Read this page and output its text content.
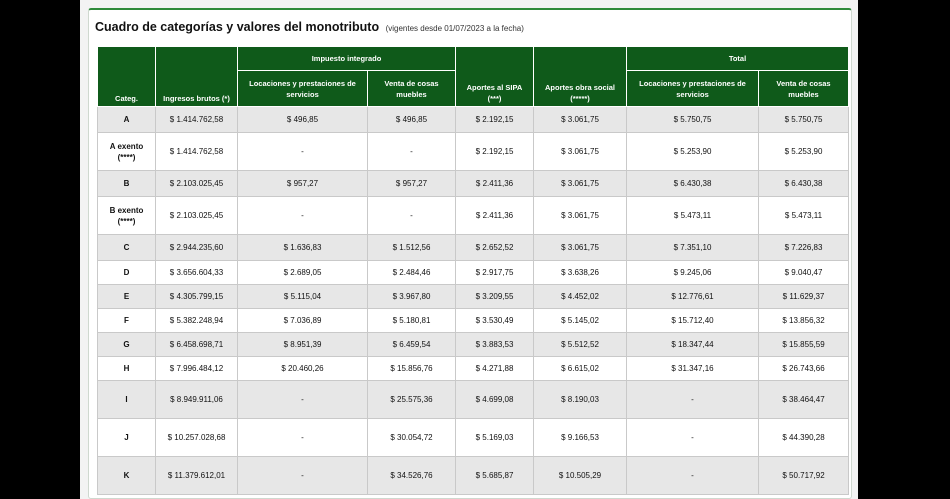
Cuadro de categorías y valores del monotributo (vigentes desde 01/07/2023 a la fecha)
Categ.	Ingresos brutos (*)	Impuesto integrado		Aportes al SIPA (***)	Aportes obra social (*****)	Total	
		Locaciones y prestaciones de servicios	Venta de cosas muebles			Locaciones y prestaciones de servicios	Venta de cosas muebles

A	$ 1.414.762,58	$ 496,85	$ 496,85	$ 2.192,15	$ 3.061,75	$ 5.750,75	$ 5.750,75

A exento
(****)	$ 1.414.762,58	-	-	$ 2.192,15	$ 3.061,75	$ 5.253,90	$ 5.253,90

B	$ 2.103.025,45	$ 957,27	$ 957,27	$ 2.411,36	$ 3.061,75	$ 6.430,38	$ 6.430,38

B exento
(****)	$ 2.103.025,45	-	-	$ 2.411,36	$ 3.061,75	$ 5.473,11	$ 5.473,11

C	$ 2.944.235,60	$ 1.636,83	$ 1.512,56	$ 2.652,52	$ 3.061,75	$ 7.351,10	$ 7.226,83

D	$ 3.656.604,33	$ 2.689,05	$ 2.484,46	$ 2.917,75	$ 3.638,26	$ 9.245,06	$ 9.040,47

E	$ 4.305.799,15	$ 5.115,04	$ 3.967,80	$ 3.209,55	$ 4.452,02	$ 12.776,61	$ 11.629,37

F	$ 5.382.248,94	$ 7.036,89	$ 5.180,81	$ 3.530,49	$ 5.145,02	$ 15.712,40	$ 13.856,32

G	$ 6.458.698,71	$ 8.951,39	$ 6.459,54	$ 3.883,53	$ 5.512,52	$ 18.347,44	$ 15.855,59

H	$ 7.996.484,12	$ 20.460,26	$ 15.856,76	$ 4.271,88	$ 6.615,02	$ 31.347,16	$ 26.743,66

I	$ 8.949.911,06	-	$ 25.575,36	$ 4.699,08	$ 8.190,03	-	$ 38.464,47

J	$ 10.257.028,68	-	$ 30.054,72	$ 5.169,03	$ 9.166,53	-	$ 44.390,28

K	$ 11.379.612,01	-	$ 34.526,76	$ 5.685,87	$ 10.505,29	-	$ 50.717,92
